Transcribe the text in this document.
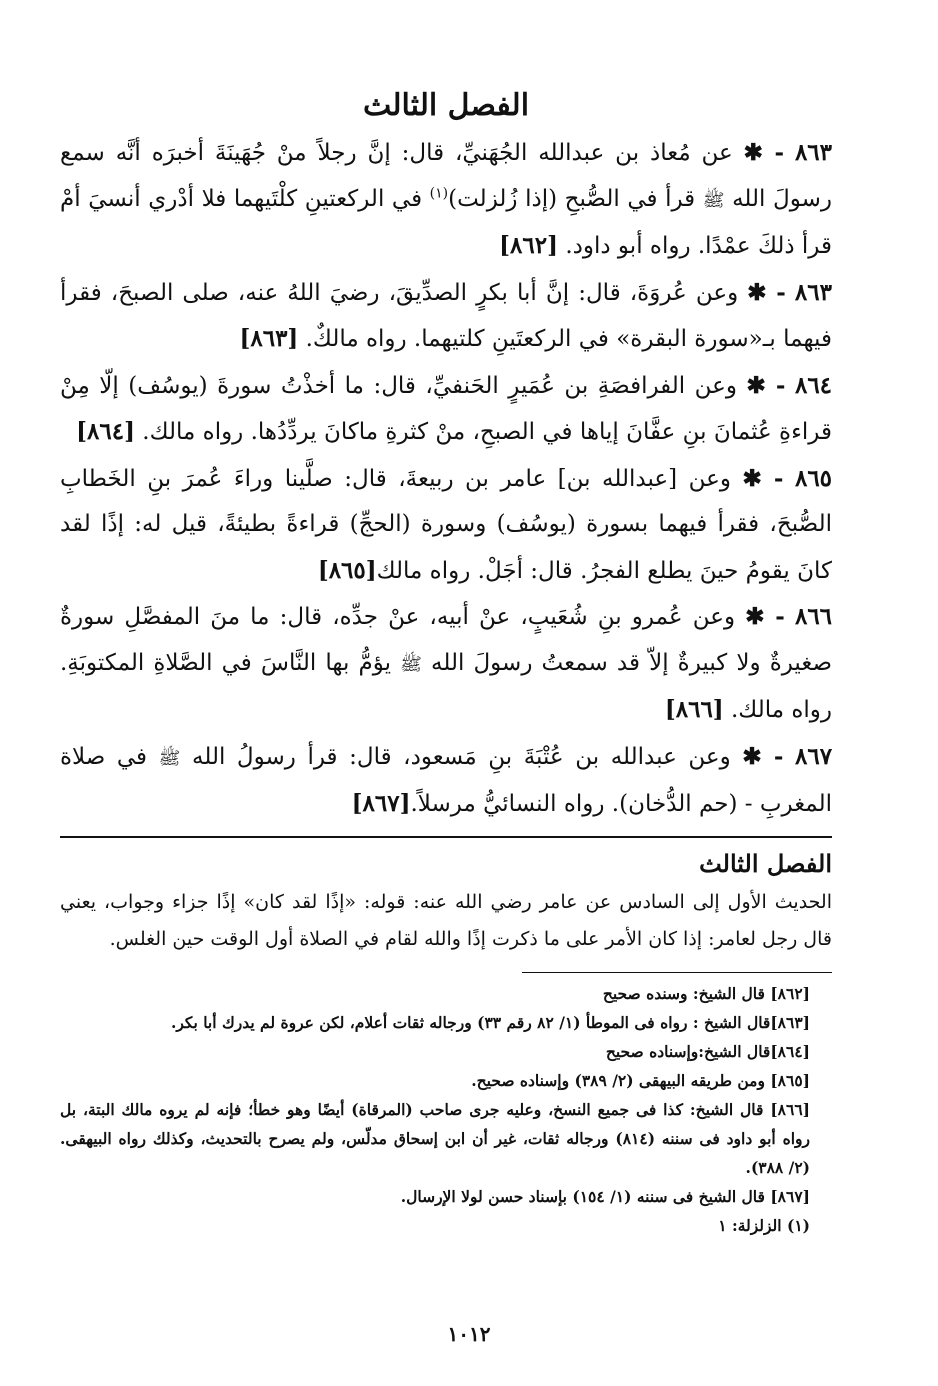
الفصل الثالث

٨٦٣ - ✱ عن مُعاذ بن عبدالله الجُهَنيِّ، قال: إنَّ رجلاً منْ جُهَينَةَ أخبرَه أنَّه سمع رسولَ الله ﷺ قرأ في الصُّبحِ (إذا زُلزلت)$^{(١)}$ في الركعتينِ كلْتَيهما فلا أدْري أنسيَ أمْ قرأ ذلكَ عمْدًا. رواه أبو داود. [٨٦٢]

٨٦٣ - ✱ وعن عُروَةَ، قال: إنَّ أبا بكرٍ الصدِّيقَ، رضيَ اللهُ عنه، صلى الصبحَ، فقرأ فيهما بـ«سورة البقرة» في الركعتَينِ كلتيهما. رواه مالكٌ. [٨٦٣]

٨٦٤ - ✱ وعن الفرافصَةِ بن عُمَيرٍ الحَنفيِّ، قال: ما أخذْتُ سورةَ (يوسُف) إلّا مِنْ قراءةِ عُثمانَ بنِ عفَّانَ إياها في الصبحِ، منْ كثرةِ ماكانَ يردِّدُها. رواه مالك. [٨٦٤]

٨٦٥ - ✱ وعن [عبدالله بن] عامر بن ربيعةَ، قال: صلَّينا وراءَ عُمرَ بنِ الخَطابِ الصُّبحَ، فقرأ فيهما بسورة (يوسُف) وسورة (الحجِّ) قراءةً بطيئةً، قيل له: إذًا لقد كانَ يقومُ حينَ يطلع الفجرُ. قال: أجَلْ. رواه مالك[٨٦٥]

٨٦٦ - ✱ وعن عُمرو بنِ شُعَيبٍ، عنْ أبيه، عنْ جدِّه، قال: ما منَ المفصَّلِ سورةٌ صغيرةٌ ولا كبيرةٌ إلاّ قد سمعتُ رسولَ الله ﷺ يؤمُّ بها النَّاسَ في الصَّلاةِ المكتوبَةِ. رواه مالك. [٨٦٦]

٨٦٧ - ✱ وعن عبدالله بن عُتْبَةَ بنِ مَسعود، قال: قرأ رسولُ الله ﷺ في صلاة المغربِ - (حم الدُّخان). رواه النسائيُّ مرسلاً.[٨٦٧]

الفصل الثالث

الحديث الأول إلى السادس عن عامر رضي الله عنه: قوله: «إذًا لقد كان» إذًا جزاء وجواب، يعني قال رجل لعامر: إذا كان الأمر على ما ذكرت إذًا والله لقام في الصلاة أول الوقت حين الغلس.

[٨٦٢] قال الشيخ: وسنده صحيح

[٨٦٣]قال الشيخ : رواه فى الموطأ (١/ ٨٢ رقم ٣٣) ورجاله ثقات أعلام، لكن عروة لم يدرك أبا بكر.

[٨٦٤]قال الشيخ:وإسناده صحيح

[٨٦٥] ومن طريقه البيهقى (٢/ ٣٨٩) وإسناده صحيح.

[٨٦٦] قال الشيخ: كذا فى جميع النسخ، وعليه جرى صاحب (المرقاة) أيضًا وهو خطأ؛ فإنه لم يروه مالك البتة، بل رواه أبو داود فى سننه (٨١٤) ورجاله ثقات، غير أن ابن إسحاق مدلّس، ولم يصرح بالتحديث، وكذلك رواه البيهقى. (٢/ ٣٨٨).

[٨٦٧] قال الشيخ فى سننه (١/ ١٥٤) بإسناد حسن لولا الإرسال.

(١) الزلزلة: ١

١٠١٢
